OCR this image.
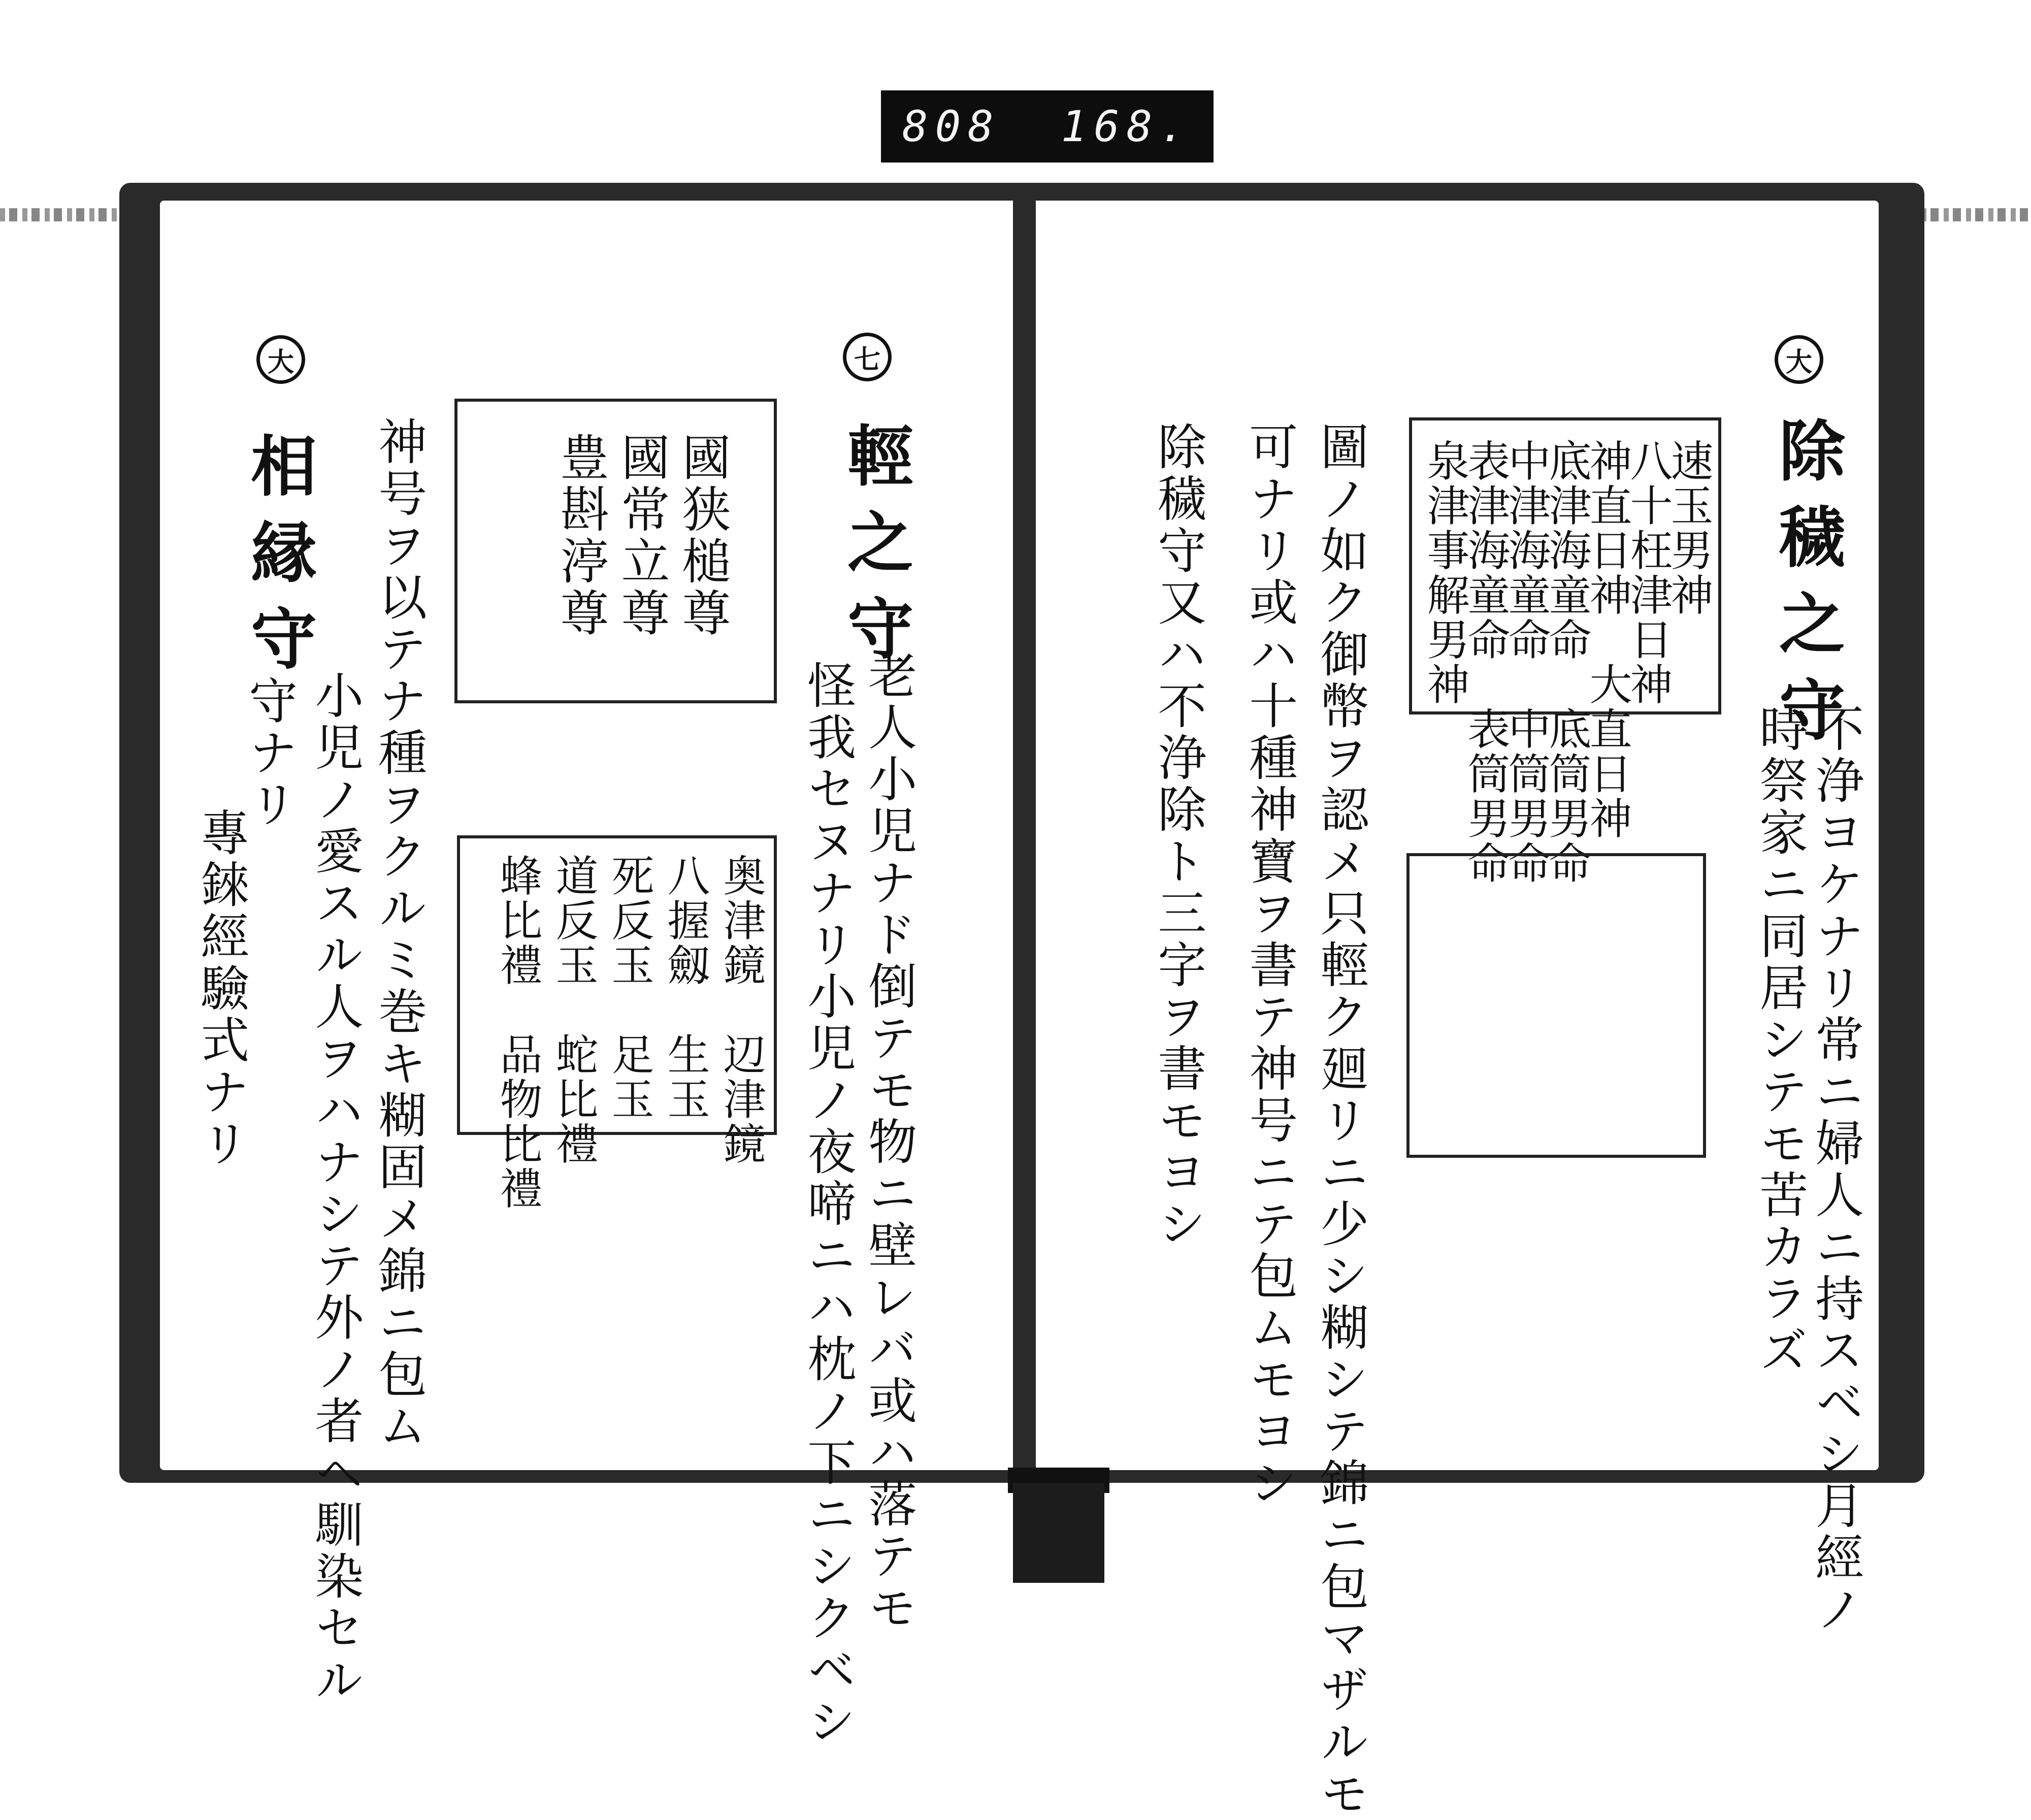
808 168.
大
除穢之守
不浄ヨケナリ常ニ婦人ニ持スベシ月經ノ
時祭家ニ同居シテモ苦カラズ
速玉男神
八十枉津日神
神直日神　大直日神
底津海童命　底筒男命
中津海童命　中筒男命
表津海童命　表筒男命
泉津事解男神
圖ノ如ク御幣ヲ認メ只輕ク廻リニ少シ糊シテ錦ニ包マザルモ
可ナリ或ハ十種神寶ヲ書テ神号ニテ包ムモヨシ
除穢守又ハ不浄除ト三字ヲ書モヨシ
七
輕之守
老人小児ナド倒テモ物ニ壁レバ或ハ落テモ
怪我セヌナリ小児ノ夜啼ニハ枕ノ下ニシクベシ
國狭槌尊
國常立尊
豊斟渟尊
奥津鏡　辺津鏡
八握劔　生玉
死反玉　足玉
道反玉　蛇比禮
蜂比禮　品物比禮
神号ヲ以テナ種ヲクルミ巻キ糊固メ錦ニ包ム
大
相縁守
小児ノ愛スル人ヲハナシテ外ノ者ヘ馴染セル
守ナリ
專錸經驗式ナリ
